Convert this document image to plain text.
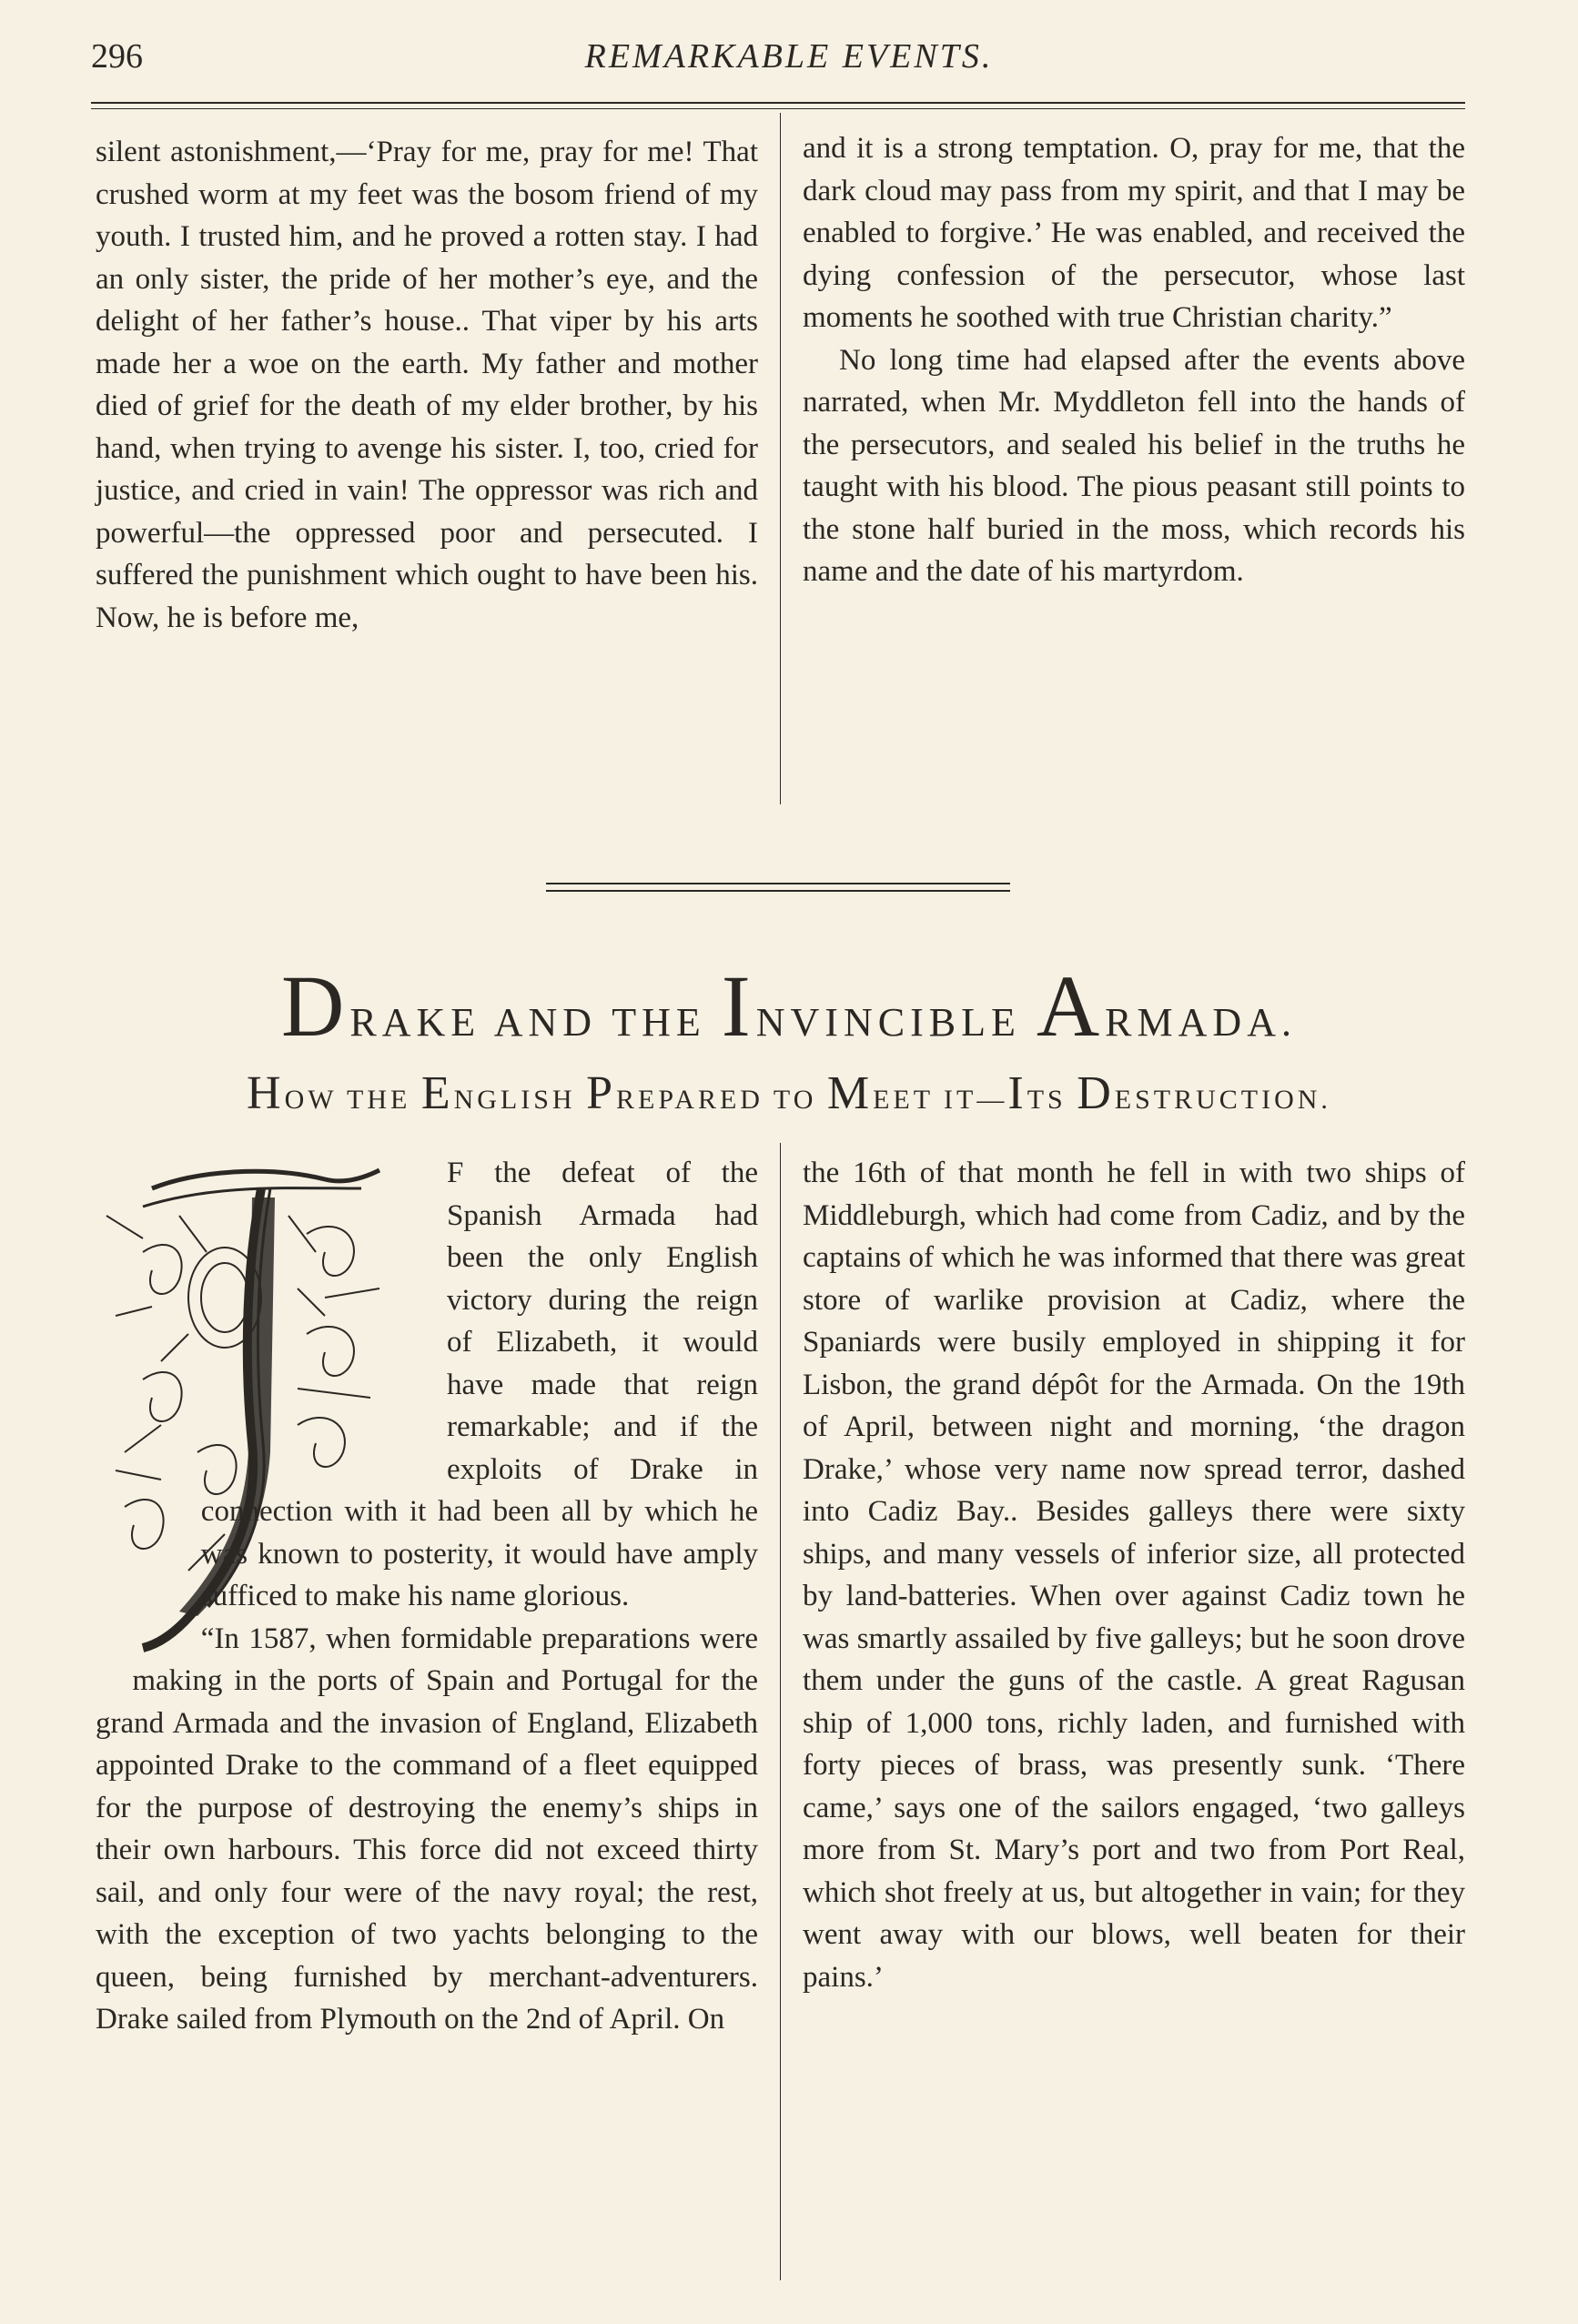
296	REMARKABLE EVENTS.

silent astonishment,—‘Pray for me, pray for me! That crushed worm at my feet was the bosom friend of my youth. I trusted him, and he proved a rotten stay. I had an only sister, the pride of her mother’s eye, and the delight of her father’s house.. That viper by his arts made her a woe on the earth. My father and mother died of grief for the death of my elder brother, by his hand, when trying to avenge his sister. I, too, cried for justice, and cried in vain! The oppressor was rich and powerful—the oppressed poor and persecuted. I suffered the punishment which ought to have been his. Now, he is before me,

and it is a strong temptation. O, pray for me, that the dark cloud may pass from my spirit, and that I may be enabled to forgive.’ He was enabled, and received the dying confession of the persecutor, whose last moments he soothed with true Christian charity.”

No long time had elapsed after the events above narrated, when Mr. Myddleton fell into the hands of the persecutors, and sealed his belief in the truths he taught with his blood. The pious peasant still points to the stone half buried in the moss, which records his name and the date of his martyrdom.

DRAKE AND THE INVINCIBLE ARMADA.
HOW THE ENGLISH PREPARED TO MEET IT—ITS DESTRUCTION.

F the defeat of the Spanish Armada had been the only English victory during the reign of Elizabeth, it would have made that reign remarkable; and if the exploits of Drake in connection with it had been all by which he was known to posterity, it would have amply sufficed to make his name glorious.

“In 1587, when formidable preparations were making in the ports of Spain and Portugal for the grand Armada and the invasion of England, Elizabeth appointed Drake to the command of a fleet equipped for the purpose of destroying the enemy’s ships in their own harbours. This force did not exceed thirty sail, and only four were of the navy royal; the rest, with the exception of two yachts belonging to the queen, being furnished by merchant-adventurers. Drake sailed from Plymouth on the 2nd of April. On

the 16th of that month he fell in with two ships of Middleburgh, which had come from Cadiz, and by the captains of which he was informed that there was great store of warlike provision at Cadiz, where the Spaniards were busily employed in shipping it for Lisbon, the grand dépôt for the Armada. On the 19th of April, between night and morning, ‘the dragon Drake,’ whose very name now spread terror, dashed into Cadiz Bay.. Besides galleys there were sixty ships, and many vessels of inferior size, all protected by land-batteries. When over against Cadiz town he was smartly assailed by five galleys; but he soon drove them under the guns of the castle. A great Ragusan ship of 1,000 tons, richly laden, and furnished with forty pieces of brass, was presently sunk. ‘There came,’ says one of the sailors engaged, ‘two galleys more from St. Mary’s port and two from Port Real, which shot freely at us, but altogether in vain; for they went away with our blows, well beaten for their pains.’
